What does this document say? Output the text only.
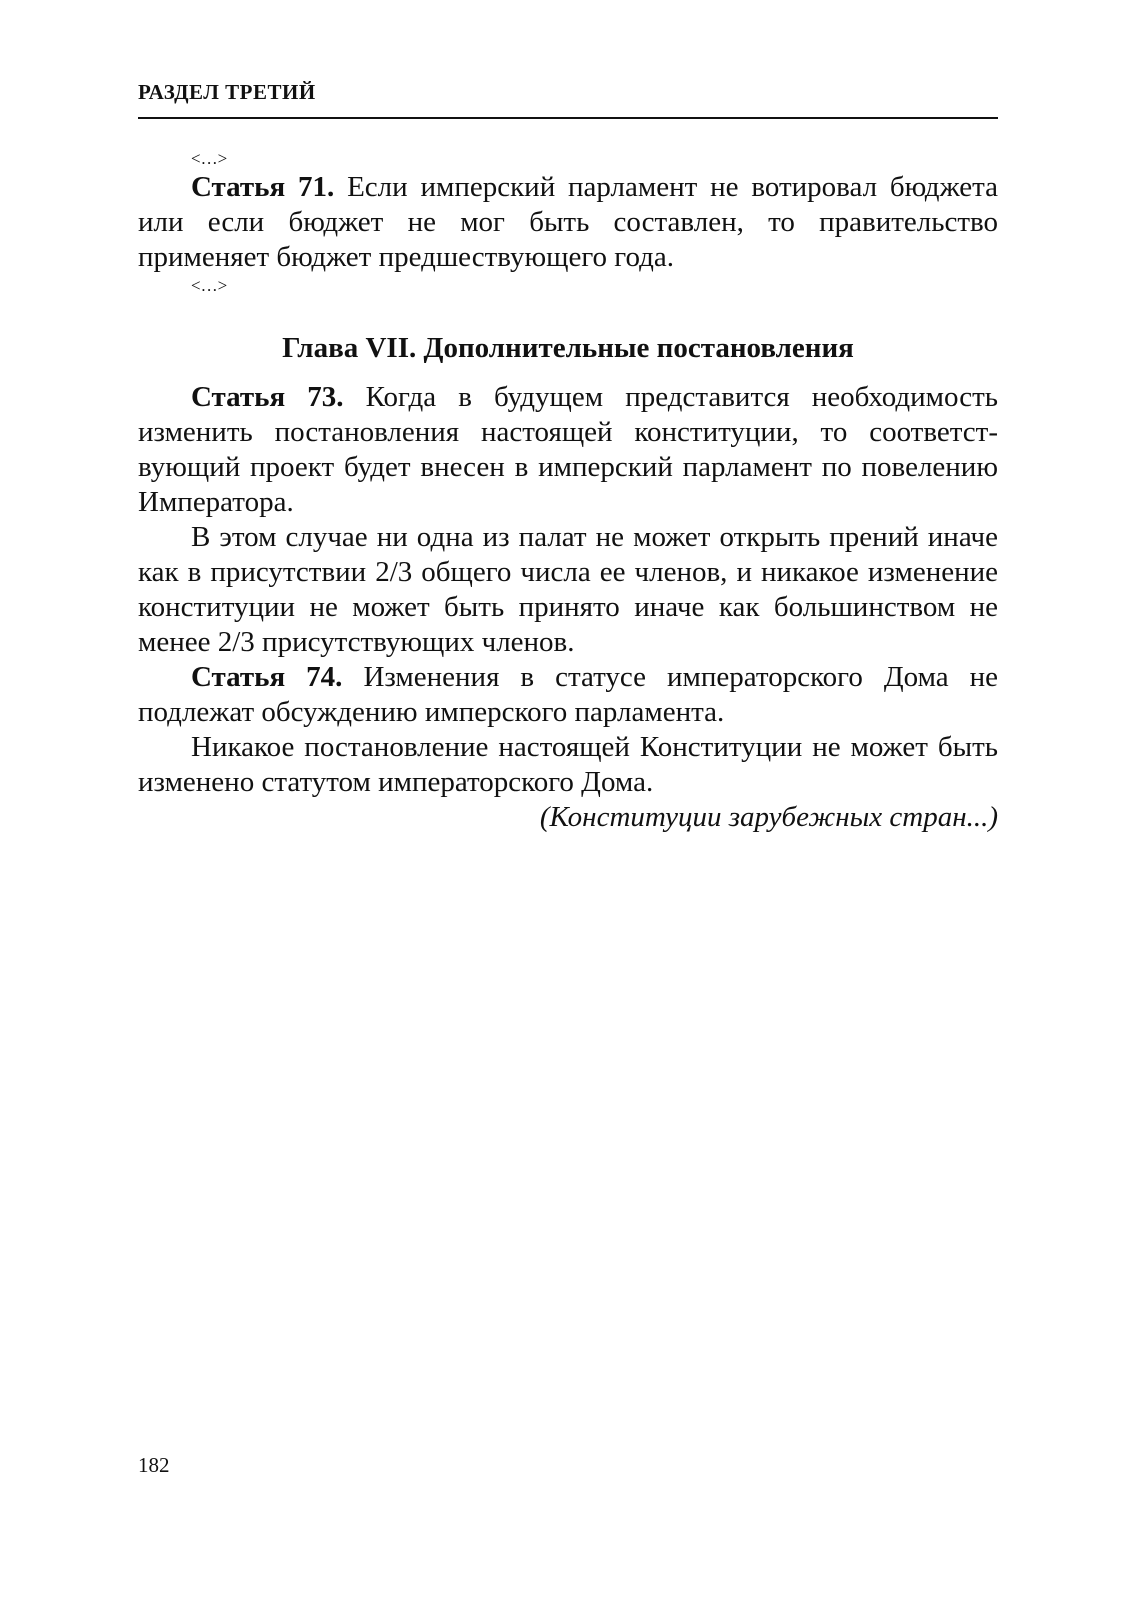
РАЗДЕЛ ТРЕТИЙ

<…>

Статья 71. Если имперский парламент не вотировал бюджета или если бюджет не мог быть составлен, то правительство применяет бюджет предшествующего года.

<…>

Глава VII. Дополнительные постановления

Статья 73. Когда в будущем представится необходимость изменить постановления настоящей конституции, то соответствующий проект будет внесен в имперский парламент по повелению Императора.

В этом случае ни одна из палат не может открыть прений иначе как в присутствии 2/3 общего числа ее членов, и никакое изменение конституции не может быть принято иначе как большинством не менее 2/3 присутствующих членов.

Статья 74. Изменения в статусе императорского Дома не подлежат обсуждению имперского парламента.

Никакое постановление настоящей Конституции не может быть изменено статутом императорского Дома.

(Конституции зарубежных стран...)

182
